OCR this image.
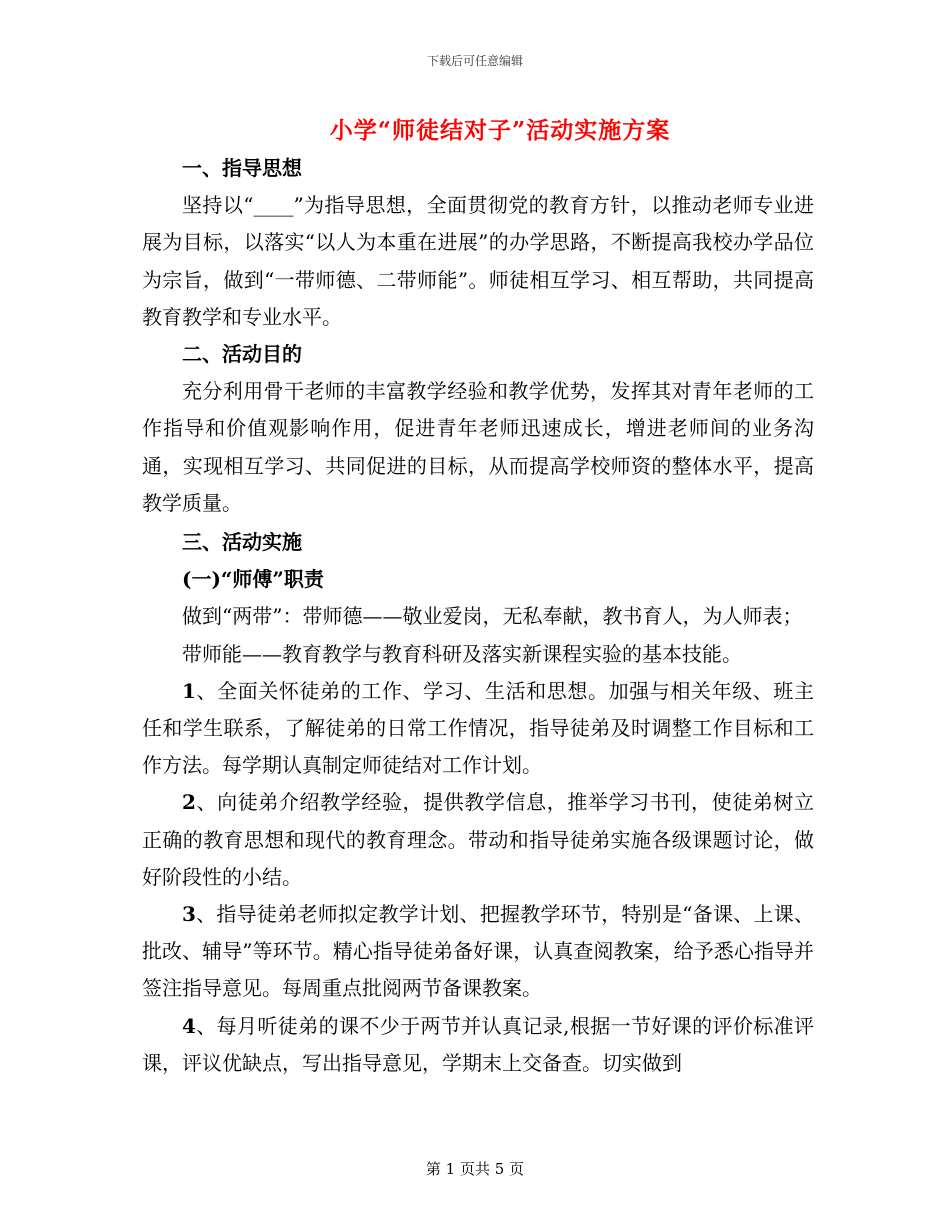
下载后可任意编辑
小学“师徒结对子”活动实施方案

一、指导思想

坚持以“____”为指导思想，全面贯彻党的教育方针，以推动老师专业进展为目标，以落实“以人为本重在进展”的办学思路，不断提高我校办学品位为宗旨，做到“一带师德、二带师能”。师徒相互学习、相互帮助，共同提高教育教学和专业水平。

二、活动目的

充分利用骨干老师的丰富教学经验和教学优势，发挥其对青年老师的工作指导和价值观影响作用，促进青年老师迅速成长，增进老师间的业务沟通，实现相互学习、共同促进的目标，从而提高学校师资的整体水平，提高教学质量。

三、活动实施

(一)“师傅”职责

做到“两带”：带师德——敬业爱岗，无私奉献，教书育人，为人师表；

带师能——教育教学与教育科研及落实新课程实验的基本技能。

1、全面关怀徒弟的工作、学习、生活和思想。加强与相关年级、班主任和学生联系，了解徒弟的日常工作情况，指导徒弟及时调整工作目标和工作方法。每学期认真制定师徒结对工作计划。

2、向徒弟介绍教学经验，提供教学信息，推举学习书刊，使徒弟树立正确的教育思想和现代的教育理念。带动和指导徒弟实施各级课题讨论，做好阶段性的小结。

3、指导徒弟老师拟定教学计划、把握教学环节，特别是“备课、上课、批改、辅导”等环节。精心指导徒弟备好课，认真查阅教案，给予悉心指导并签注指导意见。每周重点批阅两节备课教案。

4、每月听徒弟的课不少于两节并认真记录,根据一节好课的评价标准评课，评议优缺点，写出指导意见，学期末上交备查。切实做到

第 1 页共 5 页
